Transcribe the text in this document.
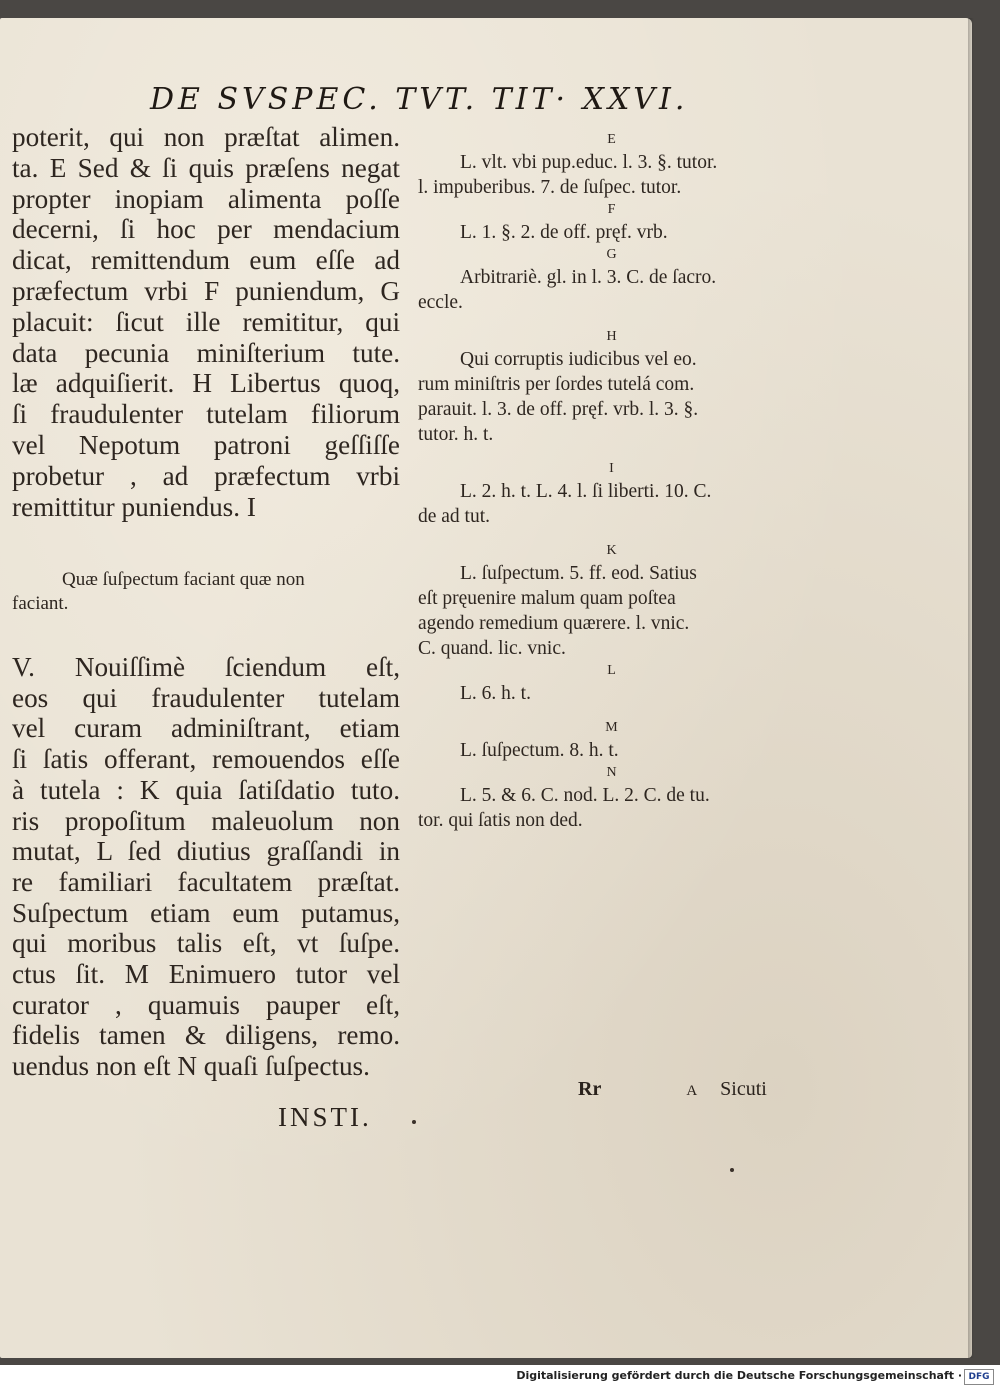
DE SVSPEC. TVT. TIT· XXVI.
poterit, qui non præſtat alimen.
ta. E Sed & ſi quis præſens negat
propter inopiam alimenta poſſe
decerni, ſi hoc per mendacium
dicat, remittendum eum eſſe ad
præfectum vrbi F puniendum, G
placuit: ſicut ille remititur, qui
data pecunia miniſterium tute.
læ adquiſierit. H Libertus quoq,
ſi fraudulenter tutelam filiorum
vel Nepotum patroni geſſiſſe
probetur , ad præfectum vrbi
remittitur puniendus. I
Quæ ſuſpectum faciant quæ non
faciant.
V. Nouiſſimè ſciendum eſt,
eos qui fraudulenter tutelam
vel curam adminiſtrant, etiam
ſi ſatis offerant, remouendos eſſe
à tutela : K quia ſatiſdatio tuto.
ris propoſitum maleuolum non
mutat, L ſed diutius graſſandi in
re familiari facultatem præſtat.
Suſpectum etiam eum putamus,
qui moribus talis eſt, vt ſuſpe.
ctus ſit. M Enimuero tutor vel
curator , quamuis pauper eſt,
fidelis tamen & diligens, remo.
uendus non eſt N quaſi ſuſpectus.
INSTI.
E
L. vlt. vbi pup.educ. l. 3. §. tutor.
l. impuberibus. 7. de ſuſpec. tutor.
F
L. 1. §. 2. de off. pręf. vrb.
G
Arbitrariè. gl. in l. 3. C. de ſacro.
eccle.
H
Qui corruptis iudicibus vel eo.
rum miniſtris per ſordes tutelá com.
parauit. l. 3. de off. pręf. vrb. l. 3. §.
tutor. h. t.
I
L. 2. h. t. L. 4. l. ſi liberti. 10. C.
de ad tut.
K
L. ſuſpectum. 5. ff. eod. Satius
eſt pręuenire malum quam poſtea
agendo remedium quærere. l. vnic.
C. quand. lic. vnic.
L
L. 6. h. t.
M
L. ſuſpectum. 8. h. t.
N
L. 5. & 6. C. nod. L. 2. C. de tu.
tor. qui ſatis non ded.
Rr	A Sicuti
Digitalisierung gefördert durch die Deutsche Forschungsgemeinschaft · DFG
